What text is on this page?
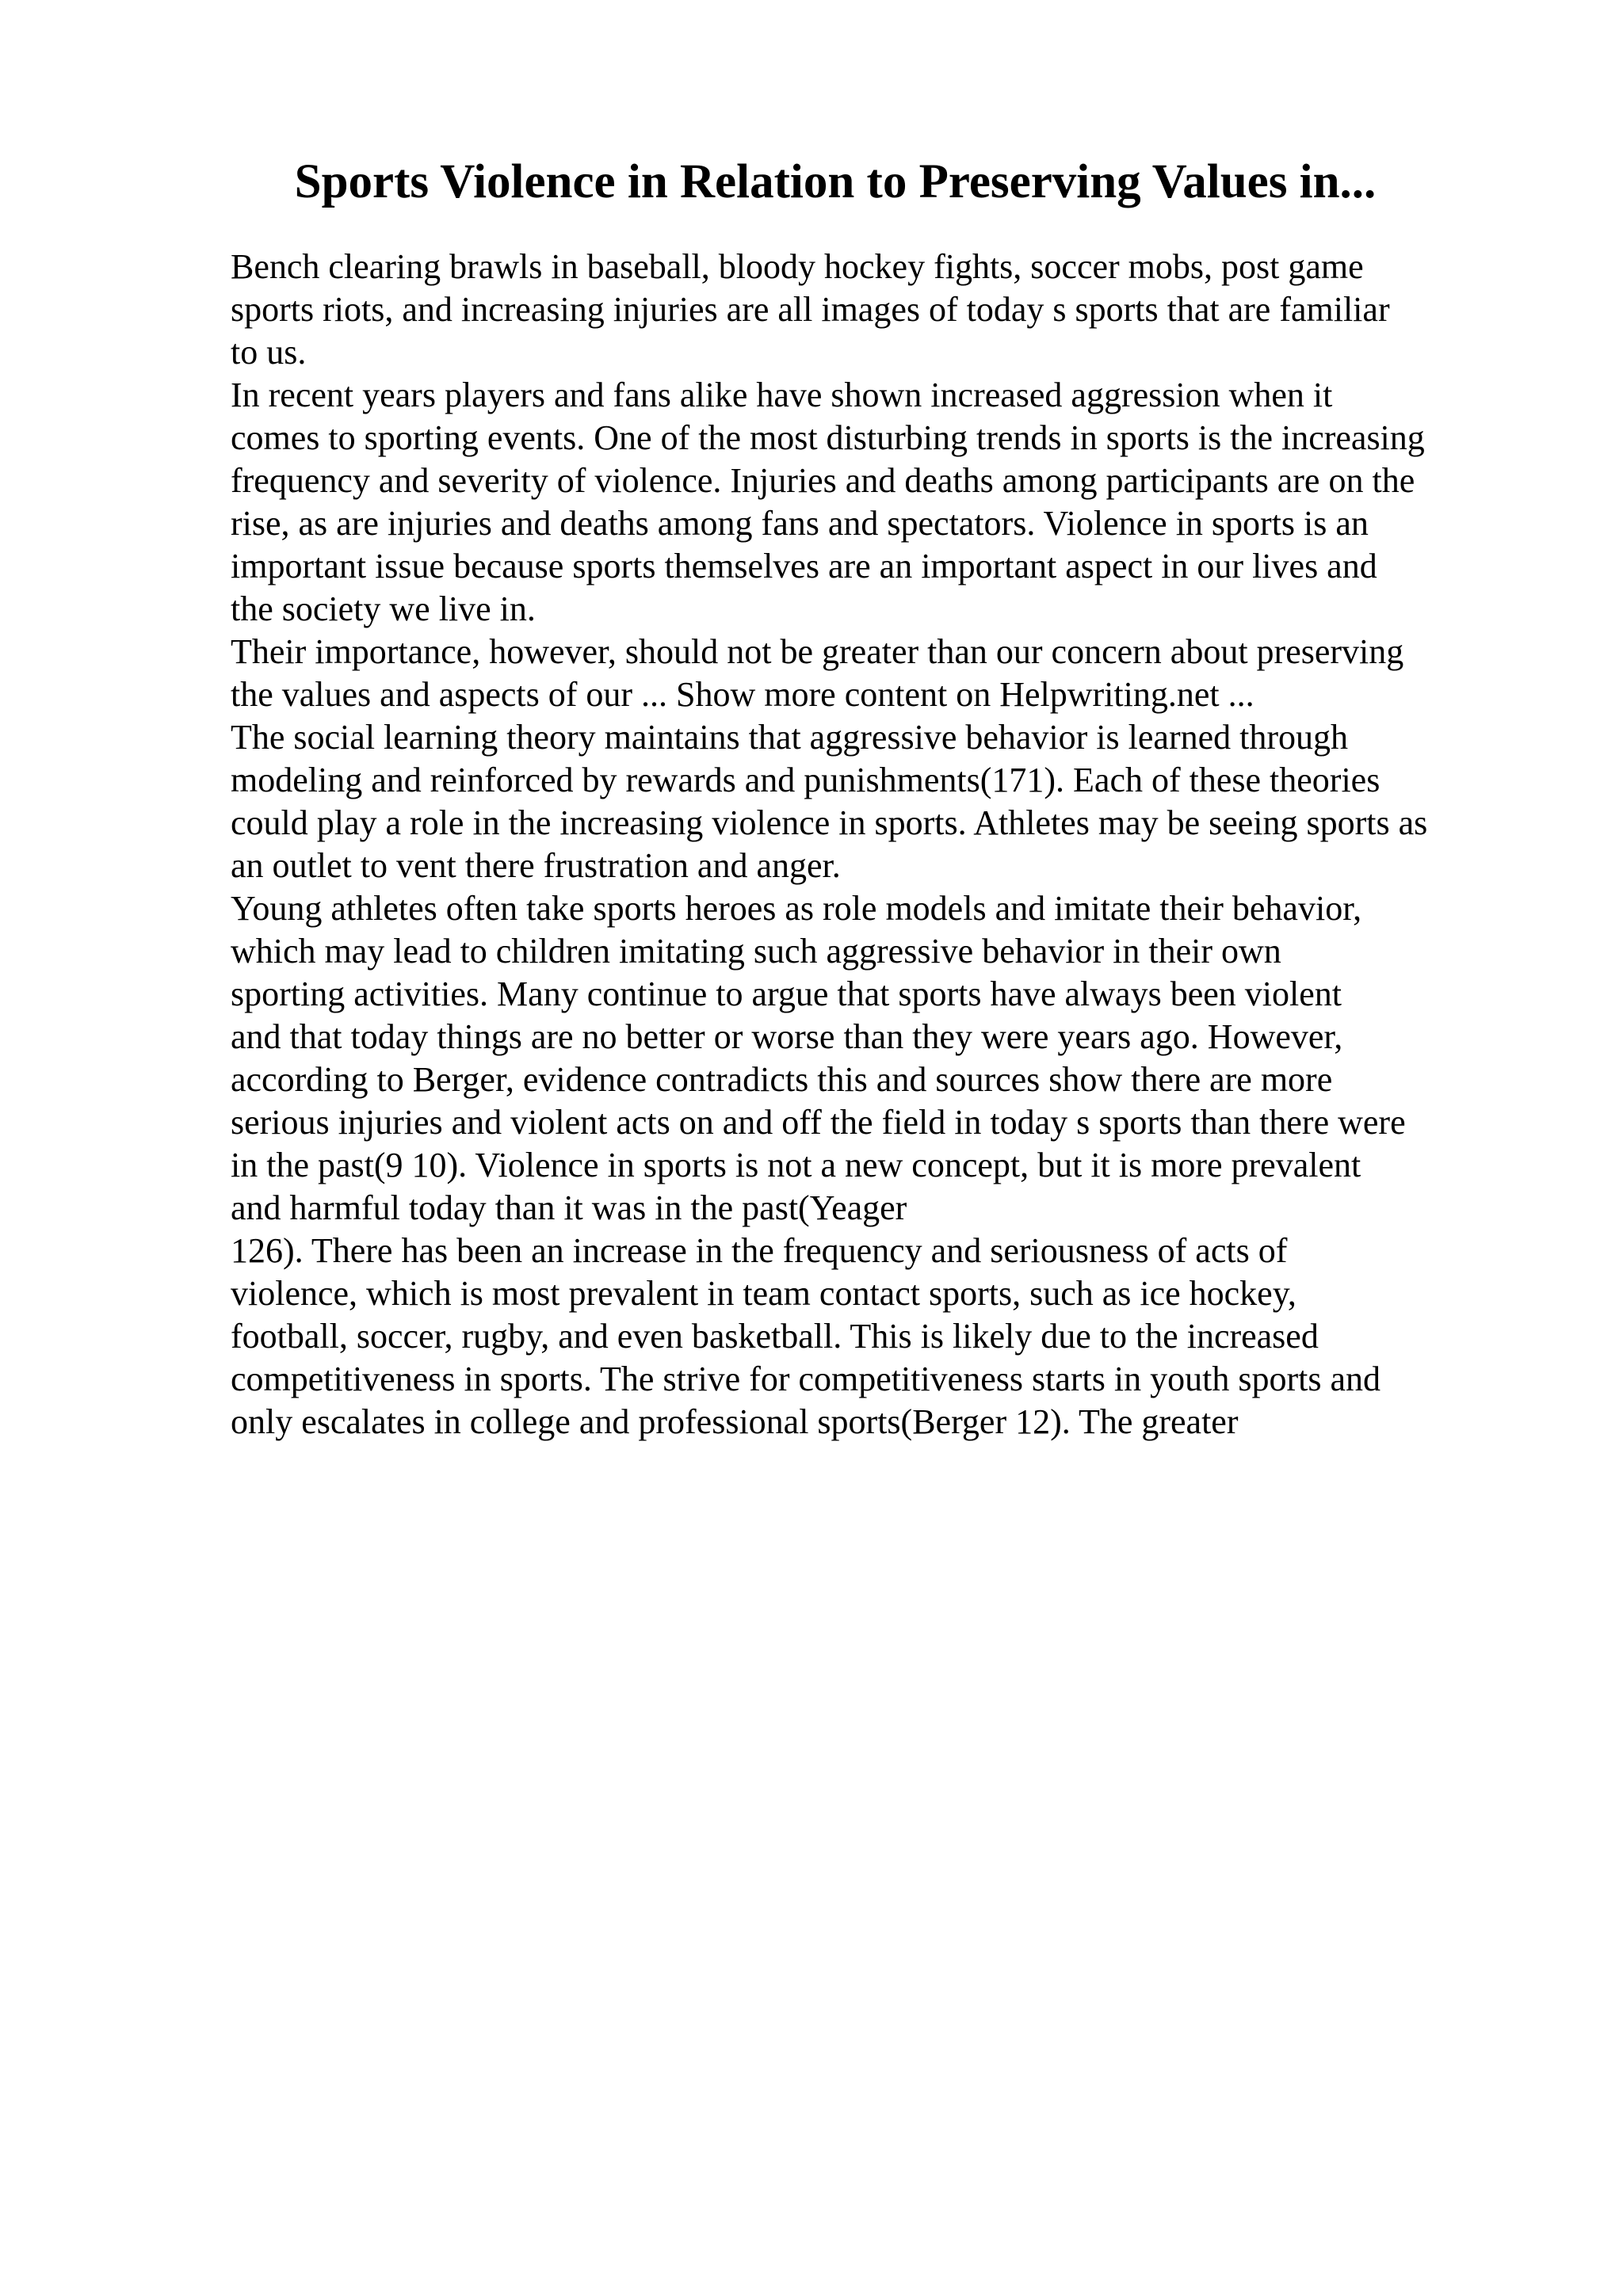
Sports Violence in Relation to Preserving Values in...
Bench clearing brawls in baseball, bloody hockey fights, soccer mobs, post game
sports riots, and increasing injuries are all images of today s sports that are familiar
to us.
In recent years players and fans alike have shown increased aggression when it
comes to sporting events. One of the most disturbing trends in sports is the increasing
frequency and severity of violence. Injuries and deaths among participants are on the
rise, as are injuries and deaths among fans and spectators. Violence in sports is an
important issue because sports themselves are an important aspect in our lives and
the society we live in.
Their importance, however, should not be greater than our concern about preserving
the values and aspects of our ... Show more content on Helpwriting.net ...
The social learning theory maintains that aggressive behavior is learned through
modeling and reinforced by rewards and punishments(171). Each of these theories
could play a role in the increasing violence in sports. Athletes may be seeing sports as
an outlet to vent there frustration and anger.
Young athletes often take sports heroes as role models and imitate their behavior,
which may lead to children imitating such aggressive behavior in their own
sporting activities. Many continue to argue that sports have always been violent
and that today things are no better or worse than they were years ago. However,
according to Berger, evidence contradicts this and sources show there are more
serious injuries and violent acts on and off the field in today s sports than there were
in the past(9 10). Violence in sports is not a new concept, but it is more prevalent
and harmful today than it was in the past(Yeager
126). There has been an increase in the frequency and seriousness of acts of
violence, which is most prevalent in team contact sports, such as ice hockey,
football, soccer, rugby, and even basketball. This is likely due to the increased
competitiveness in sports. The strive for competitiveness starts in youth sports and
only escalates in college and professional sports(Berger 12). The greater
